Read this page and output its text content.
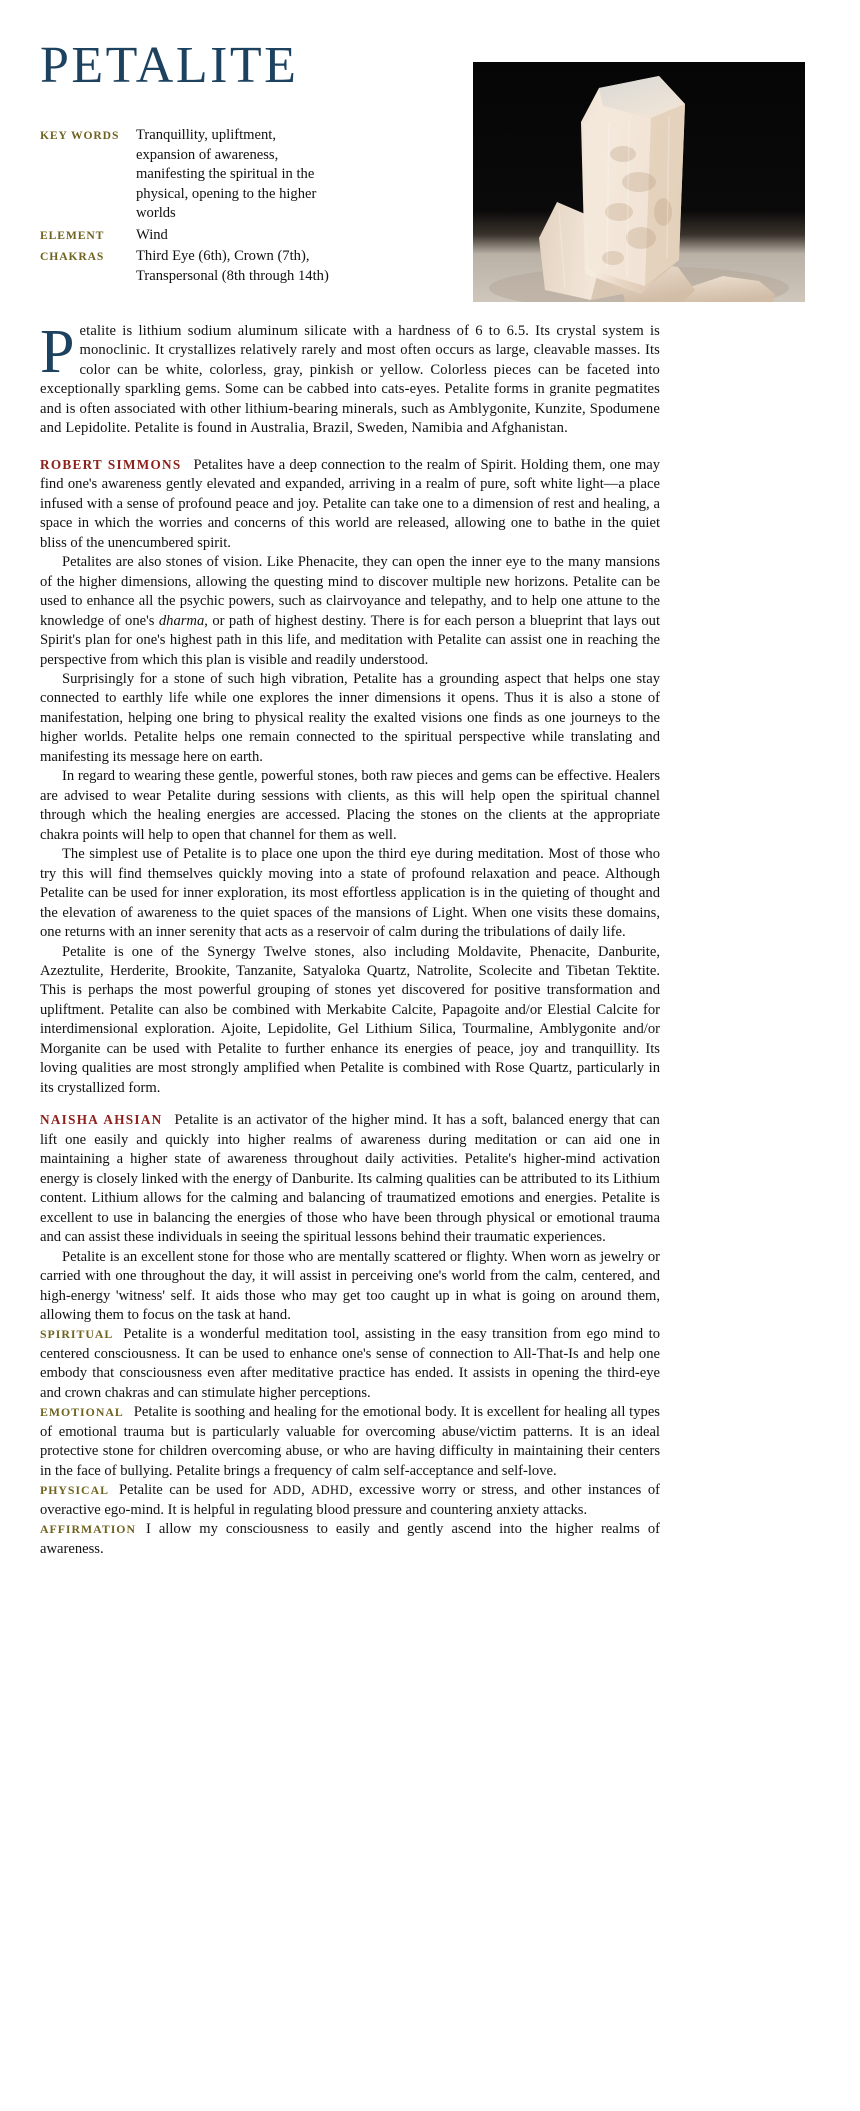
PETALITE
KEY WORDS Tranquillity, upliftment, expansion of awareness, manifesting the spiritual in the physical, opening to the higher worlds
ELEMENT Wind
CHAKRAS Third Eye (6th), Crown (7th), Transpersonal (8th through 14th)

Petalite is lithium sodium aluminum silicate with a hardness of 6 to 6.5. Its crystal system is monoclinic. It crystallizes relatively rarely and most often occurs as large, cleavable masses. Its color can be white, colorless, gray, pinkish or yellow. Colorless pieces can be faceted into exceptionally sparkling gems. Some can be cabbed into cats-eyes. Petalite forms in granite pegmatites and is often associated with other lithium-bearing minerals, such as Amblygonite, Kunzite, Spodumene and Lepidolite. Petalite is found in Australia, Brazil, Sweden, Namibia and Afghanistan.

ROBERT SIMMONS Petalites have a deep connection to the realm of Spirit. Holding them, one may find one's awareness gently elevated and expanded, arriving in a realm of pure, soft white light—a place infused with a sense of profound peace and joy. Petalite can take one to a dimension of rest and healing, a space in which the worries and concerns of this world are released, allowing one to bathe in the quiet bliss of the unencumbered spirit.

Petalites are also stones of vision. Like Phenacite, they can open the inner eye to the many mansions of the higher dimensions, allowing the questing mind to discover multiple new horizons. Petalite can be used to enhance all the psychic powers, such as clairvoyance and telepathy, and to help one attune to the knowledge of one's dharma, or path of highest destiny. There is for each person a blueprint that lays out Spirit's plan for one's highest path in this life, and meditation with Petalite can assist one in reaching the perspective from which this plan is visible and readily understood.

Surprisingly for a stone of such high vibration, Petalite has a grounding aspect that helps one stay connected to earthly life while one explores the inner dimensions it opens. Thus it is also a stone of manifestation, helping one bring to physical reality the exalted visions one finds as one journeys to the higher worlds. Petalite helps one remain connected to the spiritual perspective while translating and manifesting its message here on earth.

In regard to wearing these gentle, powerful stones, both raw pieces and gems can be effective. Healers are advised to wear Petalite during sessions with clients, as this will help open the spiritual channel through which the healing energies are accessed. Placing the stones on the clients at the appropriate chakra points will help to open that channel for them as well.

The simplest use of Petalite is to place one upon the third eye during meditation. Most of those who try this will find themselves quickly moving into a state of profound relaxation and peace. Although Petalite can be used for inner exploration, its most effortless application is in the quieting of thought and the elevation of awareness to the quiet spaces of the mansions of Light. When one visits these domains, one returns with an inner serenity that acts as a reservoir of calm during the tribulations of daily life.

Petalite is one of the Synergy Twelve stones, also including Moldavite, Phenacite, Danburite, Azeztulite, Herderite, Brookite, Tanzanite, Satyaloka Quartz, Natrolite, Scolecite and Tibetan Tektite. This is perhaps the most powerful grouping of stones yet discovered for positive transformation and upliftment. Petalite can also be combined with Merkabite Calcite, Papagoite and/or Elestial Calcite for interdimensional exploration. Ajoite, Lepidolite, Gel Lithium Silica, Tourmaline, Amblygonite and/or Morganite can be used with Petalite to further enhance its energies of peace, joy and tranquillity. Its loving qualities are most strongly amplified when Petalite is combined with Rose Quartz, particularly in its crystallized form.

NAISHA AHSIAN Petalite is an activator of the higher mind. It has a soft, balanced energy that can lift one easily and quickly into higher realms of awareness during meditation or can aid one in maintaining a higher state of awareness throughout daily activities. Petalite's higher-mind activation energy is closely linked with the energy of Danburite. Its calming qualities can be attributed to its Lithium content. Lithium allows for the calming and balancing of traumatized emotions and energies. Petalite is excellent to use in balancing the energies of those who have been through physical or emotional trauma and can assist these individuals in seeing the spiritual lessons behind their traumatic experiences.

Petalite is an excellent stone for those who are mentally scattered or flighty. When worn as jewelry or carried with one throughout the day, it will assist in perceiving one's world from the calm, centered, and high-energy 'witness' self. It aids those who may get too caught up in what is going on around them, allowing them to focus on the task at hand.

SPIRITUAL Petalite is a wonderful meditation tool, assisting in the easy transition from ego mind to centered consciousness. It can be used to enhance one's sense of connection to All-That-Is and help one embody that consciousness even after meditative practice has ended. It assists in opening the third-eye and crown chakras and can stimulate higher perceptions.

EMOTIONAL Petalite is soothing and healing for the emotional body. It is excellent for healing all types of emotional trauma but is particularly valuable for overcoming abuse/victim patterns. It is an ideal protective stone for children overcoming abuse, or who are having difficulty in maintaining their centers in the face of bullying. Petalite brings a frequency of calm self-acceptance and self-love.

PHYSICAL Petalite can be used for ADD, ADHD, excessive worry or stress, and other instances of overactive ego-mind. It is helpful in regulating blood pressure and countering anxiety attacks.

AFFIRMATION I allow my consciousness to easily and gently ascend into the higher realms of awareness.
